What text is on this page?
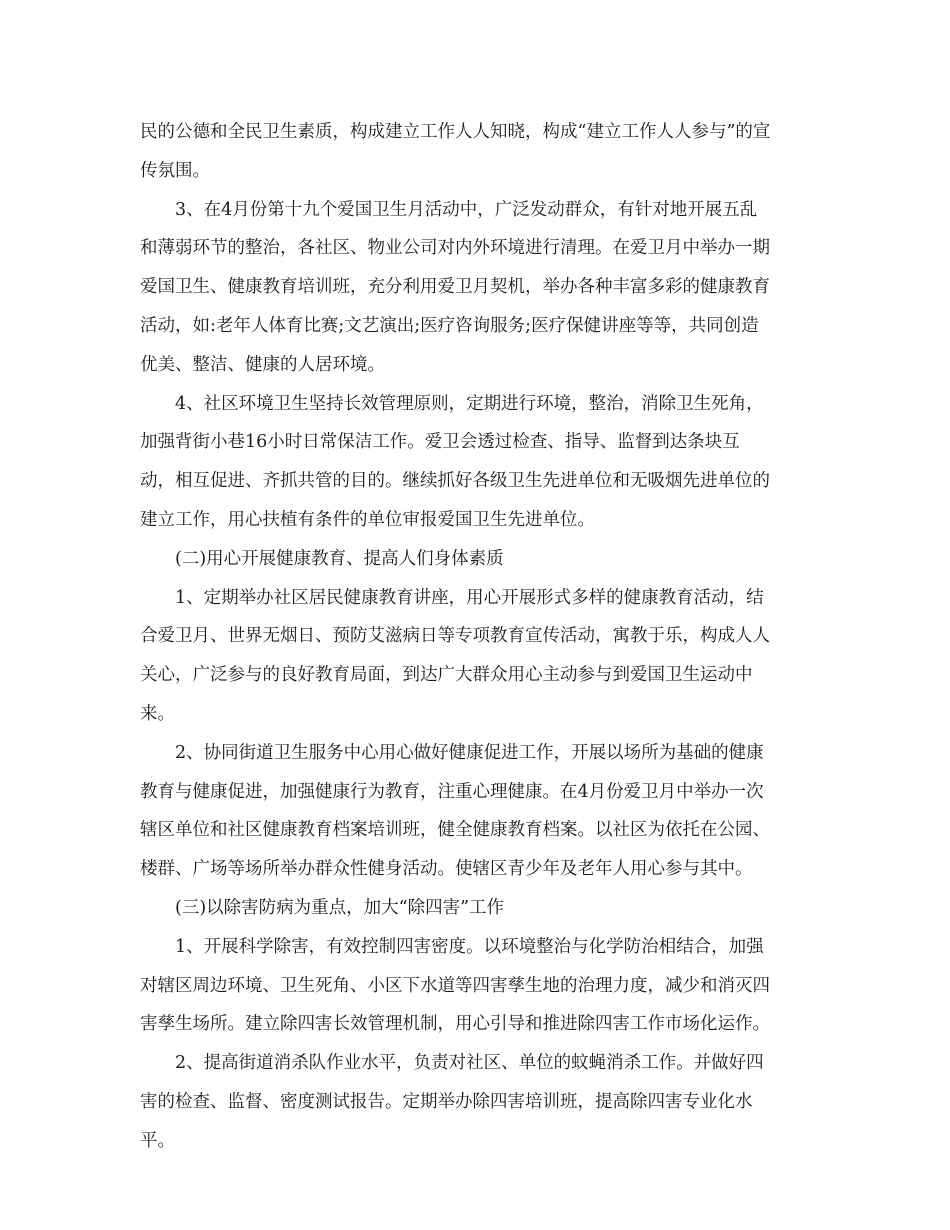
民的公德和全民卫生素质，构成建立工作人人知晓，构成“建立工作人人参与”的宣
传氛围。
3、在4月份第十九个爱国卫生月活动中，广泛发动群众，有针对地开展五乱
和薄弱环节的整治，各社区、物业公司对内外环境进行清理。在爱卫月中举办一期
爱国卫生、健康教育培训班，充分利用爱卫月契机，举办各种丰富多彩的健康教育
活动，如:老年人体育比赛;文艺演出;医疗咨询服务;医疗保健讲座等等，共同创造
优美、整洁、健康的人居环境。
4、社区环境卫生坚持长效管理原则，定期进行环境，整治，消除卫生死角，
加强背街小巷16小时日常保洁工作。爱卫会透过检查、指导、监督到达条块互
动，相互促进、齐抓共管的目的。继续抓好各级卫生先进单位和无吸烟先进单位的
建立工作，用心扶植有条件的单位审报爱国卫生先进单位。
(二)用心开展健康教育、提高人们身体素质
1、定期举办社区居民健康教育讲座，用心开展形式多样的健康教育活动，结
合爱卫月、世界无烟日、预防艾滋病日等专项教育宣传活动，寓教于乐，构成人人
关心，广泛参与的良好教育局面，到达广大群众用心主动参与到爱国卫生运动中
来。
2、协同街道卫生服务中心用心做好健康促进工作，开展以场所为基础的健康
教育与健康促进，加强健康行为教育，注重心理健康。在4月份爱卫月中举办一次
辖区单位和社区健康教育档案培训班，健全健康教育档案。以社区为依托在公园、
楼群、广场等场所举办群众性健身活动。使辖区青少年及老年人用心参与其中。
(三)以除害防病为重点，加大“除四害”工作
1、开展科学除害，有效控制四害密度。以环境整治与化学防治相结合，加强
对辖区周边环境、卫生死角、小区下水道等四害孳生地的治理力度，减少和消灭四
害孳生场所。建立除四害长效管理机制，用心引导和推进除四害工作市场化运作。
2、提高街道消杀队作业水平，负责对社区、单位的蚊蝇消杀工作。并做好四
害的检查、监督、密度测试报告。定期举办除四害培训班，提高除四害专业化水
平。
